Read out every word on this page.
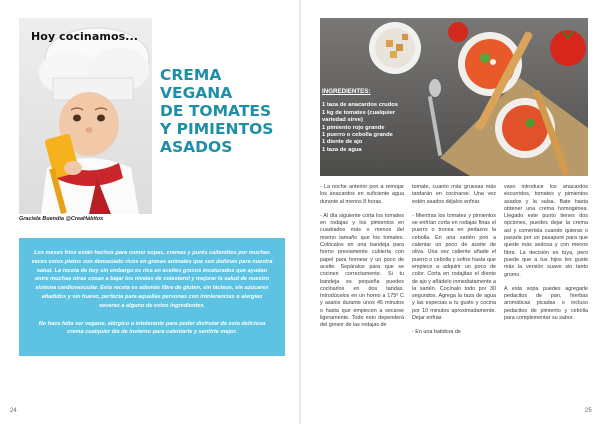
Hoy cocinamos...
Graciela Buendía @CreaHábitos
CREMA
VEGANA
DE TOMATES
Y PIMIENTOS
ASADOS

Los meses fríos están hechos para comer sopas, cremas y purés calientitos por muchas veces estos platos son demasiado ricos en grasas animales que son dañinas para nuestra salud. La receta de hoy sin embargo es rica en aceites grasos insaturados que ayudan entre muchas otras cosas a bajar los niveles de colesterol y mejorar la salud de nuestro sistema cardiovascular. Esta receta es además libre de gluten, sin lácteos, sin azúcares añadidos y sin huevo, perfecta para aquellas personas con intolerancias o alergias severas a alguno de estos ingredientes.

No hace falta ser vegano, alérgico o intolerante para poder disfrutar de esta deliciosa crema cualquier día de invierno para calentarte y sentirte mejor.

24
INGREDIENTES:
1 taza de anacardos crudos
1 kg de tomates (cualquier
variedad sirve)
1 pimiento rojo grande
1 puerro o cebolla grande
1 diente de ajo
1 taza de agua

- La noche anterior pon a remojar los anacardos en suficiente agua durante al menos 8 horas.

- Al día siguiente corta los tomates en rodajas y los pimientos en cuadrados más o menos del mismo tamaño que los tomates. Colócalos en una bandeja para horno previamente cubierta con papel para hornear y un poco de aceite. Sepáralos para que se cocinen correctamente. Si tu bandeja es pequeña puedes cocinarlos en dos tandas. Introdúcelos en un horno a 175º C y asalos durante unos 45 minutos o hasta que empiecen a secarse ligeramente. Todo esto dependerá del grosor de las rodajas de

tomate, cuanto más gruesas más tardarán en cocinarse. Una vez estén asados déjalos enfriar.

- Mientras los tomates y pimientos se enfrían corta en rodajas finas el puerro o trocea en pedazos la cebolla. En una sartén pon a calentar un poco de aceite de oliva. Una vez caliente añade el puerro o cebolla y sofríe hasta que empiece a adquirir un poco de color. Corta en rodajitas el diente de ajo y añádelo inmediatamente a la sartén. Cocínalo todo por 30 segundos. Agrega la taza de agua y las especias a tu gusto y cocina por 10 minutos aproximadamente. Dejar enfriar.

- En una batidora de

vaso introduce los anacardos escurridos, tomates y pimientos asados y la salsa. Bate hasta obtener una crema homogénea. Llegado este punto tienes dos opciones, puedes dejar la crema así y comértela cuando quieras o pasarla por un pasapuré para que quede más sedosa y con menos fibra. La decisión es tuya, pero puede que a tus hijos les guste más la versión suave sin tanto grumo.

A esta sopa puedes agregarle pedacitos de pan, hierbas aromáticas picadas o incluso pedacitos de pimiento y cebolla para complementar su sabor.

25
